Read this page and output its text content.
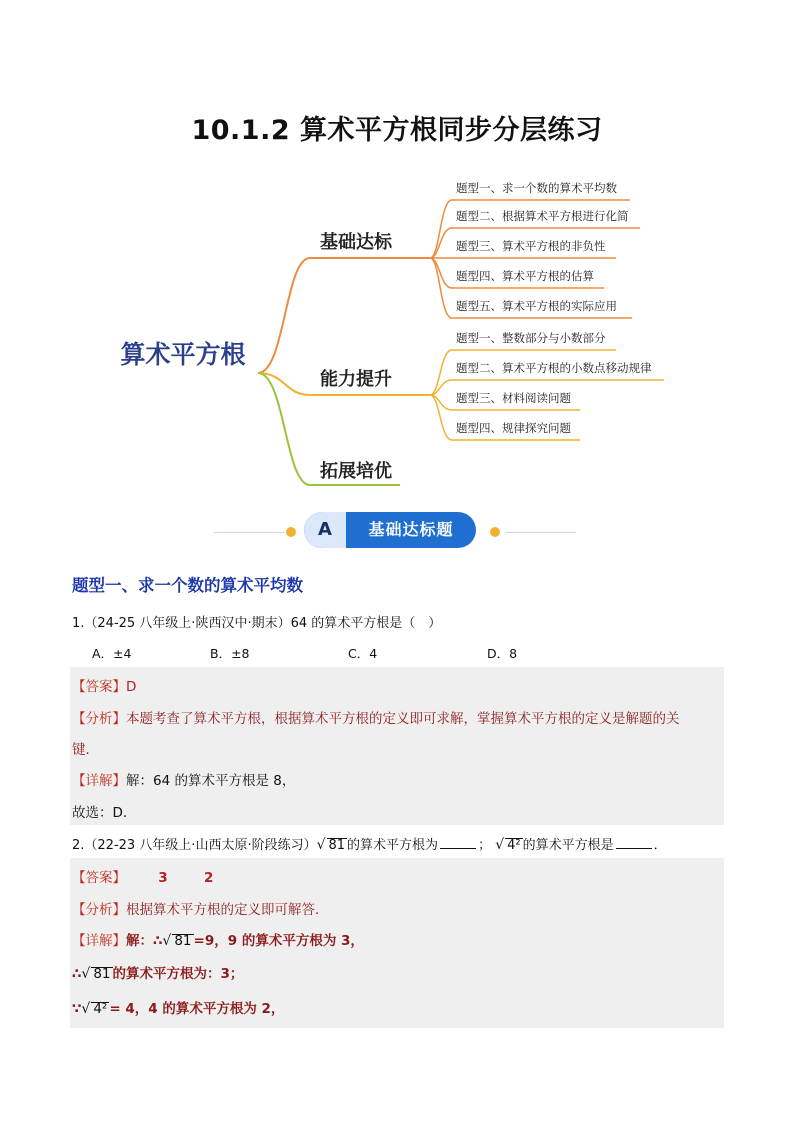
10.1.2 算术平方根同步分层练习
算术平方根
基础达标
能力提升
拓展培优
题型一、求一个数的算术平均数
题型二、根据算术平方根进行化简
题型三、算术平方根的非负性
题型四、算术平方根的估算
题型五、算术平方根的实际应用
题型一、整数部分与小数部分
题型二、算术平方根的小数点移动规律
题型三、材料阅读问题
题型四、规律探究问题
A	基础达标题
题型一、求一个数的算术平均数
1.（24-25 八年级上·陕西汉中·期末）64 的算术平方根是（　）
A．±4	B．±8	C．4	D．8
【答案】D
【分析】本题考查了算术平方根，根据算术平方根的定义即可求解，掌握算术平方根的定义是解题的关
键．
【详解】解：64 的算术平方根是 8，
故选：D．
2.（22-23 八年级上·山西太原·阶段练习）√ 81 的算术平方根为	； √ 4² 的算术平方根是	．
【答案】 3	2
【分析】根据算术平方根的定义即可解答．
【详解】解：∴√ 81 =9，9 的算术平方根为 3，
∴√ 81 的算术平方根为：3；
∵√ 4² = 4，4 的算术平方根为 2，
